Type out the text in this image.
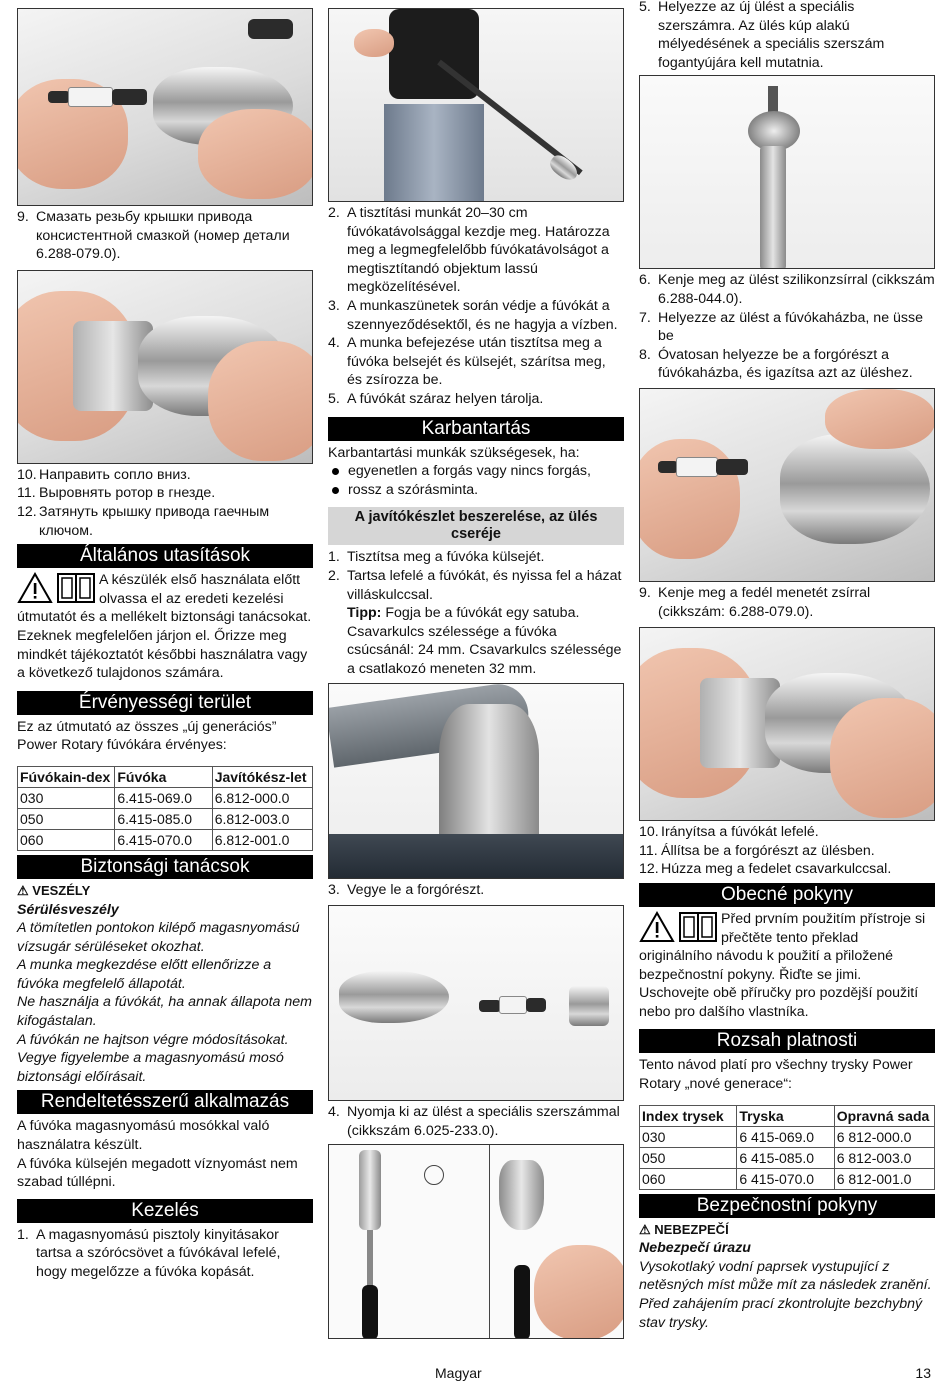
9. Смазать резьбу крышки привода консистентной смазкой (номер детали 6.288-079.0).
10. Направить сопло вниз.
11. Выровнять ротор в гнезде.
12. Затянуть крышку привода гаечным ключом.
Általános utasítások

A készülék első használata előtt olvassa el az eredeti kezelési útmutatót és a mellékelt biztonsági tanácsokat. Ezeknek megfelelően járjon el. Őrizze meg mindkét tájékoztatót későbbi használatra vagy a következő tulajdonos számára.

Érvényességi terület

Ez az útmutató az összes „új generációs” Power Rotary fúvókára érvényes:

Fúvókain-dex	Fúvóka	Javítókész-let
030	6.415-069.0	6.812-000.0
050	6.415-085.0	6.812-003.0
060	6.415-070.0	6.812-001.0
Biztonsági tanácsok
⚠ VESZÉLY

Sérülésveszély

A tömítetlen pontokon kilépő magasnyomású vízsugár sérüléseket okozhat.

A munka megkezdése előtt ellenőrizze a fúvóka megfelelő állapotát.

Ne használja a fúvókát, ha annak állapota nem kifogástalan.

A fúvókán ne hajtson végre módosításokat.

Vegye figyelembe a magasnyomású mosó biztonsági előírásait.

Rendeltetésszerű alkalmazás

A fúvóka magasnyomású mosókkal való használatra készült.

A fúvóka külsején megadott víznyomást nem szabad túllépni.

Kezelés
1. A magasnyomású pisztoly kinyitásakor tartsa a szórócsövet a fúvókával lefelé, hogy megelőzze a fúvóka kopását.
2. A tisztítási munkát 20–30 cm fúvókatávolsággal kezdje meg. Határozza meg a legmegfelelőbb fúvókatávolságot a megtisztítandó objektum lassú megközelítésével.
3. A munkaszünetek során védje a fúvókát a szennyeződésektől, és ne hagyja a vízben.
4. A munka befejezése után tisztítsa meg a fúvóka belsejét és külsejét, szárítsa meg, és zsírozza be.
5. A fúvókát száraz helyen tárolja.
Karbantartás

Karbantartási munkák szükségesek, ha:

egyenetlen a forgás vagy nincs forgás,
rossz a szórásminta.
A javítókészlet beszerelése, az ülés cseréje
1. Tisztítsa meg a fúvóka külsejét.
2. Tartsa lefelé a fúvókát, és nyissa fel a házat villáskulccsal.
Tipp: Fogja be a fúvókát egy satuba. Csavarkulcs szélessége a fúvóka csúcsánál: 24 mm. Csavarkulcs szélessége a csatlakozó meneten 32 mm.
3. Vegye le a forgórészt.
4. Nyomja ki az ülést a speciális szerszámmal (cikkszám 6.025-233.0).
5. Helyezze az új ülést a speciális szerszámra. Az ülés kúp alakú mélyedésének a speciális szerszám fogantyújára kell mutatnia.
6. Kenje meg az ülést szilikonzsírral (cikkszám 6.288-044.0).
7. Helyezze az ülést a fúvókaházba, ne üsse be
8. Óvatosan helyezze be a forgórészt a fúvókaházba, és igazítsa azt az üléshez.
9. Kenje meg a fedél menetét zsírral (cikkszám: 6.288-079.0).
10. Irányítsa a fúvókát lefelé.
11. Állítsa be a forgórészt az ülésben.
12. Húzza meg a fedelet csavarkulccsal.
Obecné pokyny

Před prvním použitím přístroje si přečtěte tento překlad originálního návodu k použití a přiložené bezpečnostní pokyny. Řiďte se jimi. Uschovejte obě příručky pro pozdější použití nebo pro dalšího vlastníka.

Rozsah platnosti

Tento návod platí pro všechny trysky Power Rotary „nové generace“:

Index trysek	Tryska	Opravná sada
030	6 415-069.0	6 812-000.0
050	6 415-085.0	6 812-003.0
060	6 415-070.0	6 812-001.0
Bezpečnostní pokyny
⚠ NEBEZPEČÍ

Nebezpečí úrazu

Vysokotlaký vodní paprsek vystupující z netěsných míst může mít za následek zranění.

Před zahájením prací zkontrolujte bezchybný stav trysky.

Magyar	13
